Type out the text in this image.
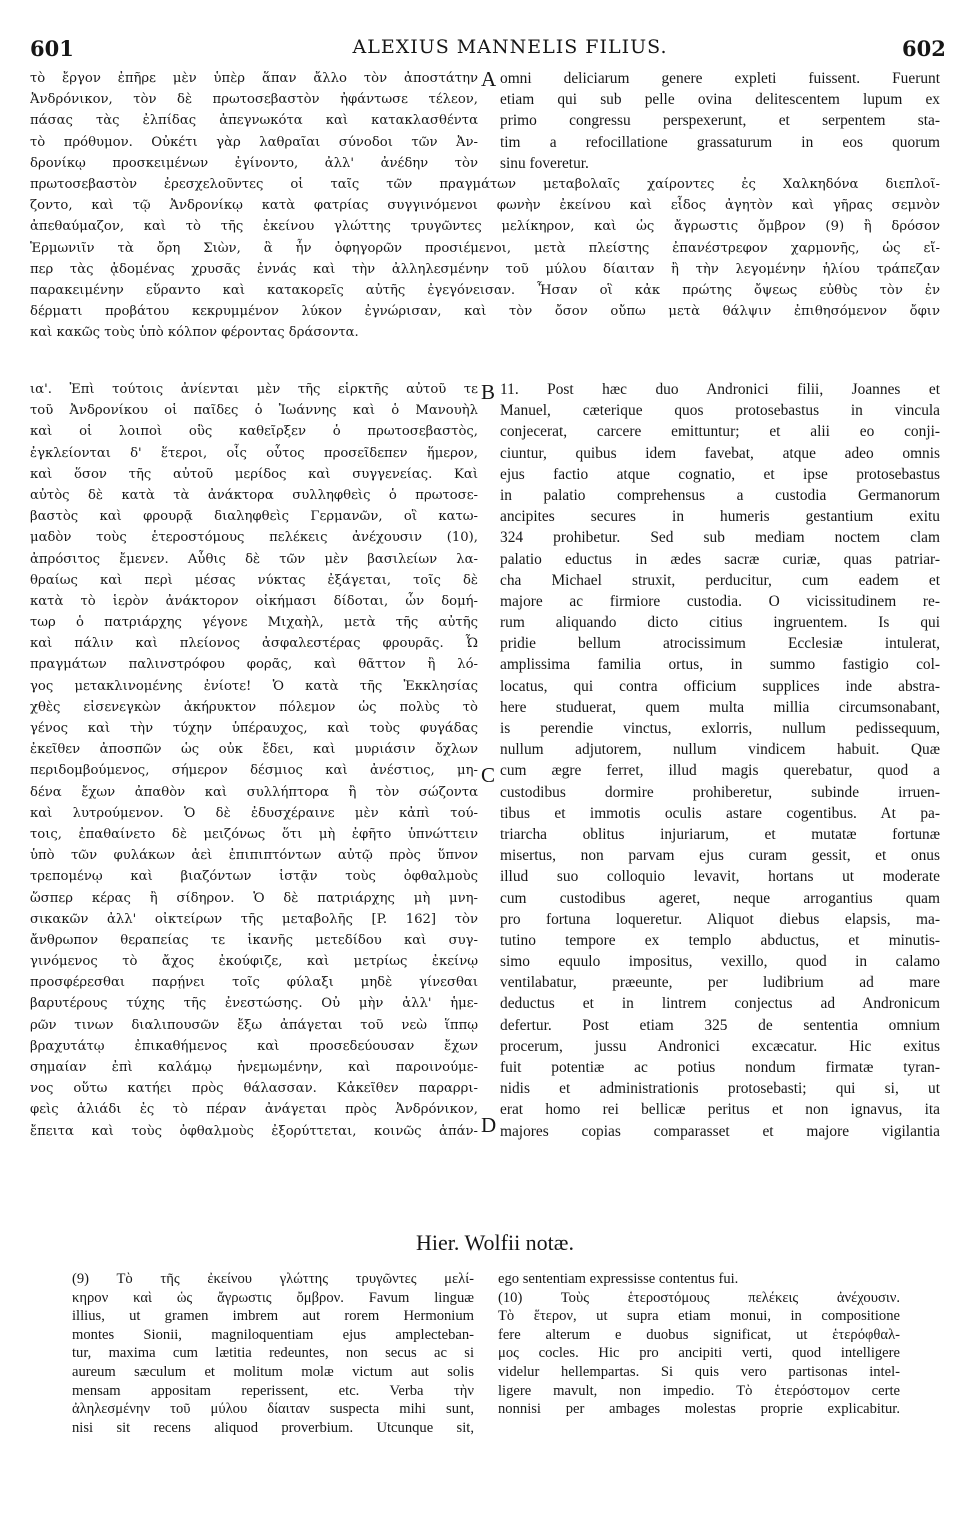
601	ALEXIUS MANNELIS FILIUS.	602
τὸ ἔργον ἐπῆρε μὲν ὑπὲρ ἅπαν ἄλλο τὸν ἀποστάτην
Ἀνδρόνικον, τὸν δὲ πρωτοσεβαστὸν ἠφάντωσε τέλεον,
πάσας τὰς ἐλπίδας ἀπεγνωκότα καὶ κατακλασθέντα
τὸ πρόθυμον. Οὐκέτι γὰρ λαθραῖαι σύνοδοι τῶν Ἀν-
δρονίκῳ προσκειμένων ἐγίνοντο, ἀλλ' ἀνέδην τὸν
A omni deliciarum genere expleti fuissent. Fuerunt
etiam qui sub pelle ovina delitescentem lupum ex
primo congressu perspexerunt, et serpentem sta-
tim a refocillatione grassaturum in eos quorum
sinu foveretur.
πρωτοσεβαστὸν ἐρεσχελοῦντες οἱ ταῖς τῶν πραγμάτων μεταβολαῖς χαίροντες ἐς Χαλκηδόνα διεπλοῖ-
ζοντο, καὶ τῷ Ἀνδρονίκῳ κατὰ φατρίας συγγινόμενοι φωνὴν ἐκείνου καὶ εἶδος ἀγητὸν καὶ γῆρας σεμνὸν
ἀπεθαύμαζον, καὶ τὸ τῆς ἐκείνου γλώττης τρυγῶντες μελίκηρον, καὶ ὡς ἄγρωστις ὄμβρον (9) ἢ δρόσον
Ἑρμωνιῖν τὰ ὄρη Σιὼν, ἃ ἦν ὀφηγορῶν προσιέμενοι, μετὰ πλείστης ἐπανέστρεφον χαρμονῆς, ὡς εἴ-
περ τὰς ᾀδομένας χρυσᾶς ἐννάς καὶ τὴν ἀλληλεσμένην τοῦ μύλου δίαιταν ἢ τὴν λεγομένην ἡλίου τράπεζαν
παρακειμένην εὕραντο καὶ κατακορεῖς αὐτῆς ἐγεγόνεισαν. Ἦσαν οἳ κἀκ πρώτης ὄψεως εὐθὺς τὸν ἐν
δέρματι προβάτου κεκρυμμένον λύκον ἐγνώρισαν, καὶ τὸν ὄσον οὔπω μετὰ θάλψιν ἐπιθησόμενον ὄφιν
καὶ κακῶς τοὺς ὑπὸ κόλπον φέροντας δράσοντα.
B
C
D
ια'. Ἐπὶ τούτοις ἀνίενται μὲν τῆς εἱρκτῆς αὐτοῦ τε
τοῦ Ἀνδρονίκου οἱ παῖδες ὁ Ἰωάννης καὶ ὁ Μανουὴλ
καὶ οἱ λοιποὶ οὓς καθεῖρξεν ὁ πρωτοσεβαστὸς,
ἐγκλείονται δ' ἕτεροι, οἷς οὗτος προσεῖδεπεν ἥμερον,
καὶ ὅσον τῆς αὐτοῦ μερίδος καὶ συγγενείας. Καὶ
αὐτὸς δὲ κατὰ τὰ ἀνάκτορα συλληφθεὶς ὁ πρωτοσε-
βαστὸς καὶ φρουρᾷ διαληφθεὶς Γερμανῶν, οἳ κατω-
μαδὸν τοὺς ἑτεροστόμους πελέκεις ἀνέχουσιν (10),
ἀπρόσιτος ἔμενεν. Αὖθις δὲ τῶν μὲν βασιλείων λα-
θραίως καὶ περὶ μέσας νύκτας ἐξάγεται, τοῖς δὲ
κατὰ τὸ ἱερὸν ἀνάκτορον οἰκήμασι δίδοται, ὧν δομή-
τωρ ὁ πατριάρχης γέγονε Μιχαὴλ, μετὰ τῆς αὐτῆς
καὶ πάλιν καὶ πλείονος ἀσφαλεστέρας φρουρᾶς. Ὦ
πραγμάτων παλινστρόφου φορᾶς, καὶ θᾶττον ἢ λό-
γος μετακλινομένης ἐνίοτε! Ὁ κατὰ τῆς Ἐκκλησίας
χθὲς εἰσενεγκὼν ἀκήρυκτον πόλεμον ὡς πολὺς τὸ
γένος καὶ τὴν τύχην ὑπέραυχος, καὶ τοὺς φυγάδας
ἐκεῖθεν ἀποσπῶν ὡς οὐκ ἔδει, καὶ μυριάσιν ὄχλων
περιδομβούμενος, σήμερον δέσμιος καὶ ἀνέστιος, μη-
δένα ἔχων ἀπαθὸν καὶ συλλήπτορα ἢ τὸν σώζοντα
καὶ λυτρούμενον. Ὁ δὲ ἐδυσχέραινε μὲν κἀπὶ τού-
τοις, ἐπαθαίνετο δὲ μειζόνως ὅτι μὴ ἐφῆτο ὑπνώττειν
ὑπὸ τῶν φυλάκων ἀεὶ ἐπιπιπτόντων αὐτῷ πρὸς ὕπνον
τρεπομένῳ καὶ βιαζόντων ἱστᾷν τοὺς ὀφθαλμοὺς
ὥσπερ κέρας ἢ σίδηρον. Ὁ δὲ πατριάρχης μὴ μνη-
σικακῶν ἀλλ' οἰκτείρων τῆς μεταβολῆς [P. 162] τὸν
ἄνθρωπον θεραπείας τε ἱκανῆς μετεδίδου καὶ συγ-
γινόμενος τὸ ἄχος ἐκούφιζε, καὶ μετρίως ἐκείνῳ
προσφέρεσθαι παρῄνει τοῖς φύλαξι μηδὲ γίνεσθαι
βαρυτέρους τύχης τῆς ἐνεστώσης. Οὐ μὴν ἀλλ' ἡμε-
ρῶν τινων διαλιπουσῶν ἔξω ἀπάγεται τοῦ νεὼ ἵππῳ
βραχυτάτῳ ἐπικαθήμενος καὶ προσεδεύουσαν ἔχων
σημαίαν ἐπὶ καλάμῳ ἠνεμωμένην, καὶ παροινούμε-
νος οὕτω κατήει πρὸς θάλασσαν. Κἀκεῖθεν παραρρι-
φεὶς ἁλιάδι ἐς τὸ πέραν ἀνάγεται πρὸς Ἀνδρόνικον,
ἔπειτα καὶ τοὺς ὀφθαλμοὺς ἐξορύττεται, κοινῶς ἁπάν-
11. Post hæc duo Andronici filii, Joannes et
Manuel, cæterique quos protosebastus in vincula
conjecerat, carcere emittuntur; et alii eo conji-
ciuntur, quibus idem favebat, atque adeo omnis
ejus factio atque cognatio, et ipse protosebastus
in palatio comprehensus a custodia Germanorum
ancipites secures in humeris gestantium exitu
324 prohibetur. Sed sub mediam noctem clam
palatio eductus in ædes sacræ curiæ, quas patriar-
cha Michael struxit, perducitur, cum eadem et
majore ac firmiore custodia. O vicissitudinem re-
rum aliquando dicto citius ingruentem. Is qui
pridie bellum atrocissimum Ecclesiæ intulerat,
amplissima familia ortus, in summo fastigio col-
locatus, qui contra officium supplices inde abstra-
here studuerat, quem multa millia circumsonabant,
is perendie vinctus, exlorris, nullum pedissequum,
nullum adjutorem, nullum vindicem habuit. Quæ
cum ægre ferret, illud magis querebatur, quod a
custodibus dormire prohiberetur, subinde irruen-
tibus et immotis oculis astare cogentibus. At pa-
triarcha oblitus injuriarum, et mutatæ fortunæ
misertus, non parvam ejus curam gessit, et onus
illud suo colloquio levavit, hortans ut moderate
cum custodibus ageret, neque arrogantius quam
pro fortuna loqueretur. Aliquot diebus elapsis, ma-
tutino tempore ex templo abductus, et minutis-
simo equulo impositus, vexillo, quod in calamo
ventilabatur, præeunte, per ludibrium ad mare
deductus et in lintrem conjectus ad Andronicum
defertur. Post etiam 325 de sententia omnium
procerum, jussu Andronici excæcatur. Hic exitus
fuit potentiæ ac potius nondum firmatæ tyran-
nidis et administrationis protosebasti; qui si, ut
erat homo rei bellicæ peritus et non ignavus, ita
majores copias comparasset et majore vigilantia
Hier. Wolfii notæ.
(9) Τὸ τῆς ἐκείνου γλώττης τρυγῶντες μελί-
κηρον καὶ ὡς ἄγρωστις ὄμβρον. Favum linguæ
illius, ut gramen imbrem aut rorem Hermonium
montes Sionii, magniloquentiam ejus amplecteban-
tur, maxima cum lætitia redeuntes, non secus ac si
aureum sæculum et molitum molæ victum aut solis
mensam appositam reperissent, etc. Verba τὴν
ἀληλεσμένην τοῦ μύλου δίαιταν suspecta mihi sunt,
nisi sit recens aliquod proverbium. Utcunque sit,
ego sententiam expressisse contentus fui.
(10) Τοὺς ἑτεροστόμους πελέκεις ἀνέχουσιν.
Τὸ ἕτερον, ut supra etiam monui, in compositione
fere alterum e duobus significat, ut ἑτερόφθαλ-
μος cocles. Hic pro ancipiti verti, quod intelligere
videlur hellempartas. Si quis vero partisonas intel-
ligere mavult, non impedio. Τὸ ἑτερόστομον certe
nonnisi per ambages molestas proprie explicabitur.
